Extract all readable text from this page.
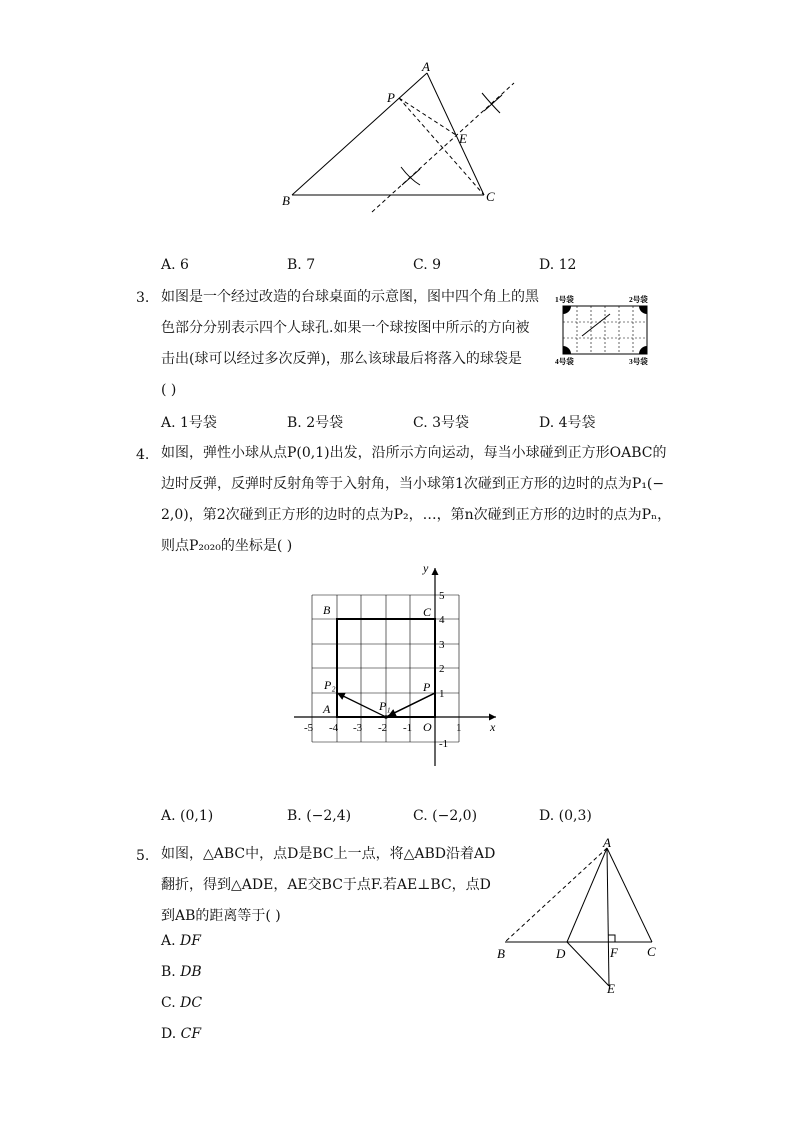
A
P
E
B	C
A. 6	B. 7	C. 9	D. 12
3. 如图是一个经过改造的台球桌面的示意图，图中四个角上的黑
色部分分别表示四个人球孔.如果一个球按图中所示的方向被
击出(球可以经过多次反弹)，那么该球最后将落入的球袋是
( )
1号袋	2号袋
3号袋
4号袋
A. 1号袋	B. 2号袋	C. 3号袋	D. 4号袋
4. 如图，弹性小球从点P(0,1)出发，沿所示方向运动，每当小球碰到正方形OABC的
边时反弹，反弹时反射角等于入射角，当小球第1次碰到正方形的边时的点为P₁(−
2,0)，第2次碰到正方形的边时的点为P₂，…，第n次碰到正方形的边时的点为Pₙ，
则点P₂₀₂₀的坐标是( )
-5 -4 -3 -2 -1	1
5
4
3
2
1
-1
x
y
O
B	C
A
P
P₁
P₂
A. (0,1)	B. (−2,4)	C. (−2,0)	D. (0,3)
5. 如图，△ABC中，点D是BC上一点，将△ABD沿着AD
翻折，得到△ADE，AE交BC于点F.若AE⊥BC，点D
到AB的距离等于( )
A. DF
B. DB
C. DC
D. CF
A
B	D	F C
E
